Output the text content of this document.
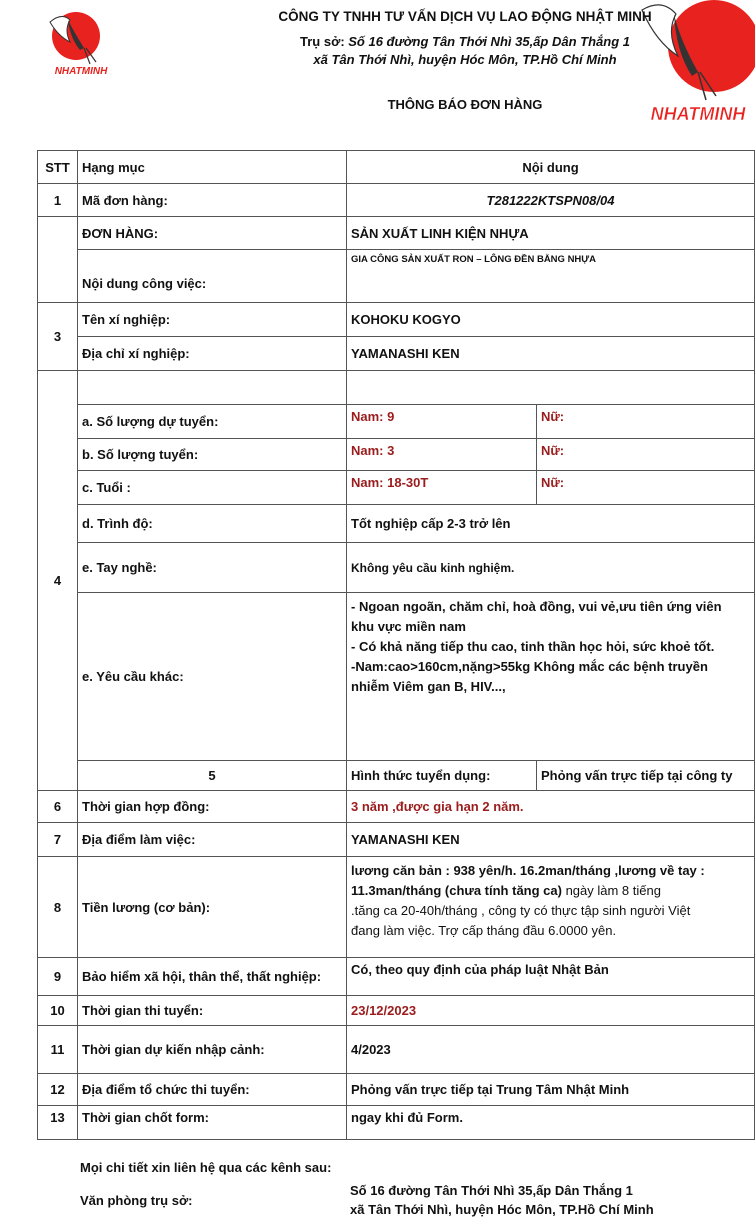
NHATMINH
NHATMINH
CÔNG TY TNHH TƯ VẤN DỊCH VỤ LAO ĐỘNG NHẬT MINH
Trụ sở: Số 16 đường Tân Thới Nhì 35,ấp Dân Thắng 1
xã Tân Thới Nhì, huyện Hóc Môn, TP.Hồ Chí Minh
THÔNG BÁO ĐƠN HÀNG
STT	Hạng mục	Nội dung	
1	Mã đơn hàng:	T281222KTSPN08/04	
	ĐƠN HÀNG:	SẢN XUẤT LINH KIỆN NHỰA	
	Nội dung công việc:	GIA CÔNG SẢN XUẤT RON – LÔNG ĐỀN BẰNG NHỰA	
3	Tên xí nghiệp:	KOHOKU KOGYO	
	Địa chỉ xí nghiệp:	YAMANASHI KEN	
4			
	a. Số lượng dự tuyển:	Nam: 9	Nữ:
	b. Số lượng tuyển:	Nam: 3	Nữ:
	c. Tuổi :	Nam: 18-30T	Nữ:
	d. Trình độ:	Tốt nghiệp cấp 2-3 trở lên	
	e. Tay nghề:	Không yêu cầu kinh nghiệm.	
	e. Yêu cầu khác:	- Ngoan ngoãn, chăm chỉ, hoà đồng, vui vẻ,ưu tiên ứng viên
khu vực miền nam
- Có khả năng tiếp thu cao, tinh thần học hỏi, sức khoẻ tốt.
-Nam:cao>160cm,nặng>55kg Không mắc các bệnh truyền
nhiễm Viêm gan B, HIV...,	

	5	Hình thức tuyển dụng:	Phỏng vấn trực tiếp tại công ty
6	Thời gian hợp đồng:	3 năm ,được gia hạn 2 năm.	
7	Địa điểm làm việc:	YAMANASHI KEN	
8	Tiền lương (cơ bản):	lương căn bản : 938 yên/h. 16.2man/tháng ,lương về tay :
11.3man/tháng (chưa tính tăng ca) ngày làm 8 tiếng
.tăng ca 20-40h/tháng , công ty có thực tập sinh người Việt
đang làm việc. Trợ cấp tháng đầu 6.0000 yên.	

9	Bảo hiểm xã hội, thân thể, thất nghiệp:	Có, theo quy định của pháp luật Nhật Bản	
10	Thời gian thi tuyển:	23/12/2023	
11	Thời gian dự kiến nhập cảnh:	4/2023	
12	Địa điểm tổ chức thi tuyển:	Phỏng vấn trực tiếp tại Trung Tâm Nhật Minh	
13	Thời gian chốt form:	ngay khi đủ Form.	
Mọi chi tiết xin liên hệ qua các kênh sau:
Văn phòng trụ sở:
Số 16 đường Tân Thới Nhì 35,ấp Dân Thắng 1
xã Tân Thới Nhì, huyện Hóc Môn, TP.Hồ Chí Minh
